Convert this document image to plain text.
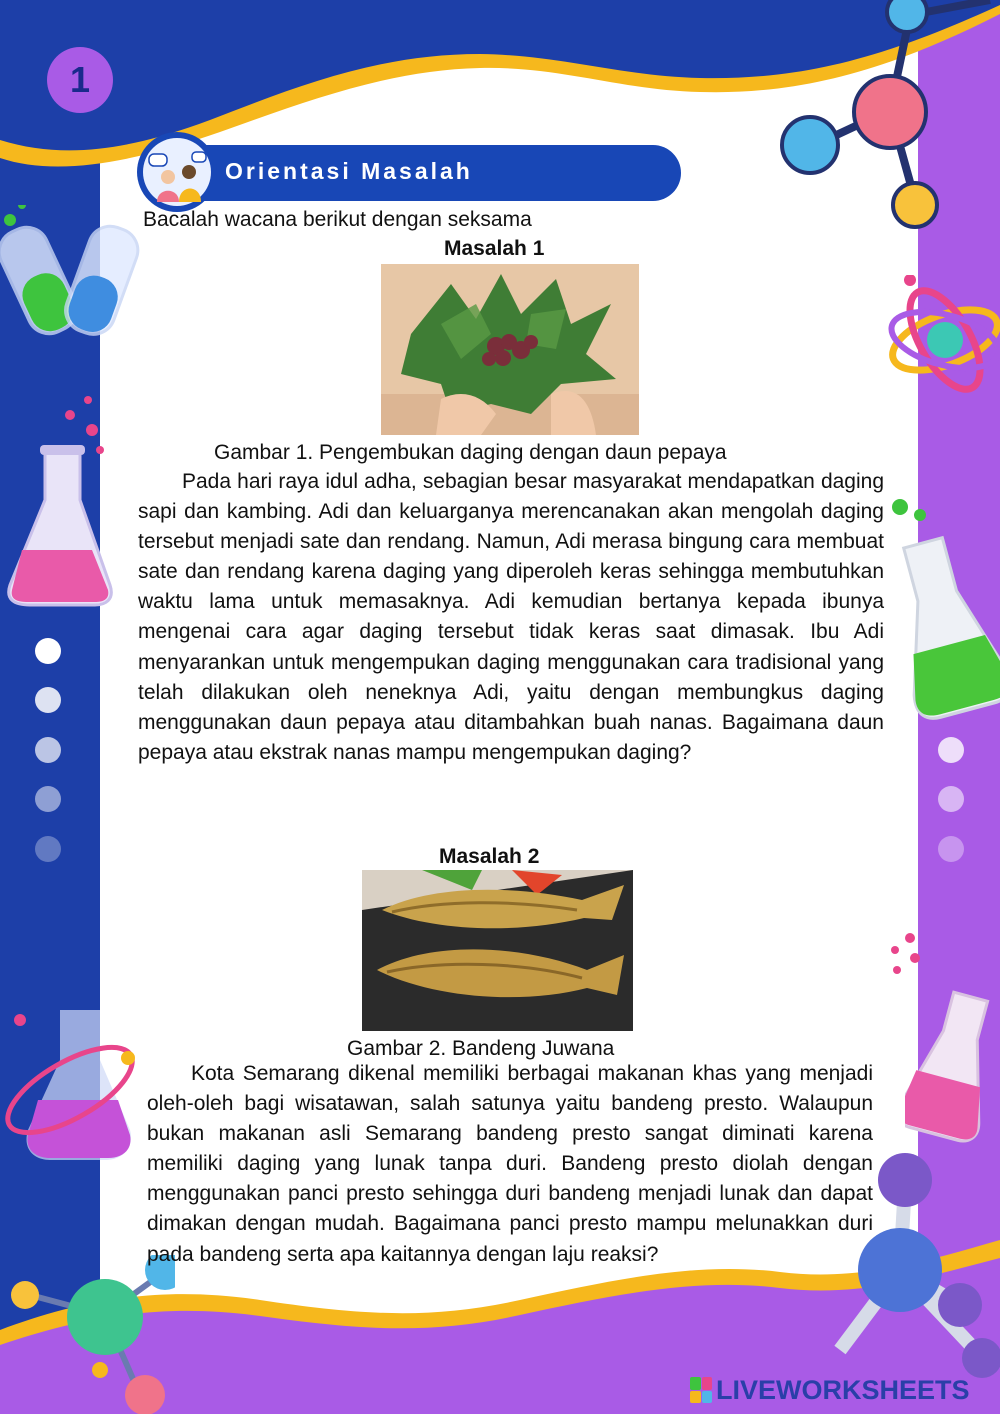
1
Orientasi Masalah
Bacalah wacana berikut dengan seksama
Masalah 1
Gambar 1. Pengembukan daging dengan daun pepaya

Pada hari raya idul adha, sebagian besar masyarakat mendapatkan daging sapi dan kambing. Adi dan keluarganya merencanakan akan mengolah daging tersebut menjadi sate dan rendang. Namun, Adi merasa bingung cara membuat sate dan rendang karena daging yang diperoleh keras sehingga membutuhkan waktu lama untuk memasaknya. Adi kemudian bertanya kepada ibunya mengenai cara agar daging tersebut tidak keras saat dimasak. Ibu Adi menyarankan untuk mengempukan daging menggunakan cara tradisional yang telah dilakukan oleh neneknya Adi, yaitu dengan membungkus daging menggunakan daun pepaya atau ditambahkan buah nanas. Bagaimana daun pepaya atau ekstrak nanas mampu mengempukan daging?

Masalah 2
Gambar 2. Bandeng Juwana

Kota Semarang dikenal memiliki berbagai makanan khas yang menjadi oleh-oleh bagi wisatawan, salah satunya yaitu bandeng presto. Walaupun bukan makanan asli Semarang bandeng presto sangat diminati karena memiliki daging yang lunak tanpa duri. Bandeng presto diolah dengan menggunakan panci presto sehingga duri bandeng menjadi lunak dan dapat dimakan dengan mudah. Bagaimana panci presto mampu melunakkan duri pada bandeng serta apa kaitannya dengan laju reaksi?

LIVEWORKSHEETS
